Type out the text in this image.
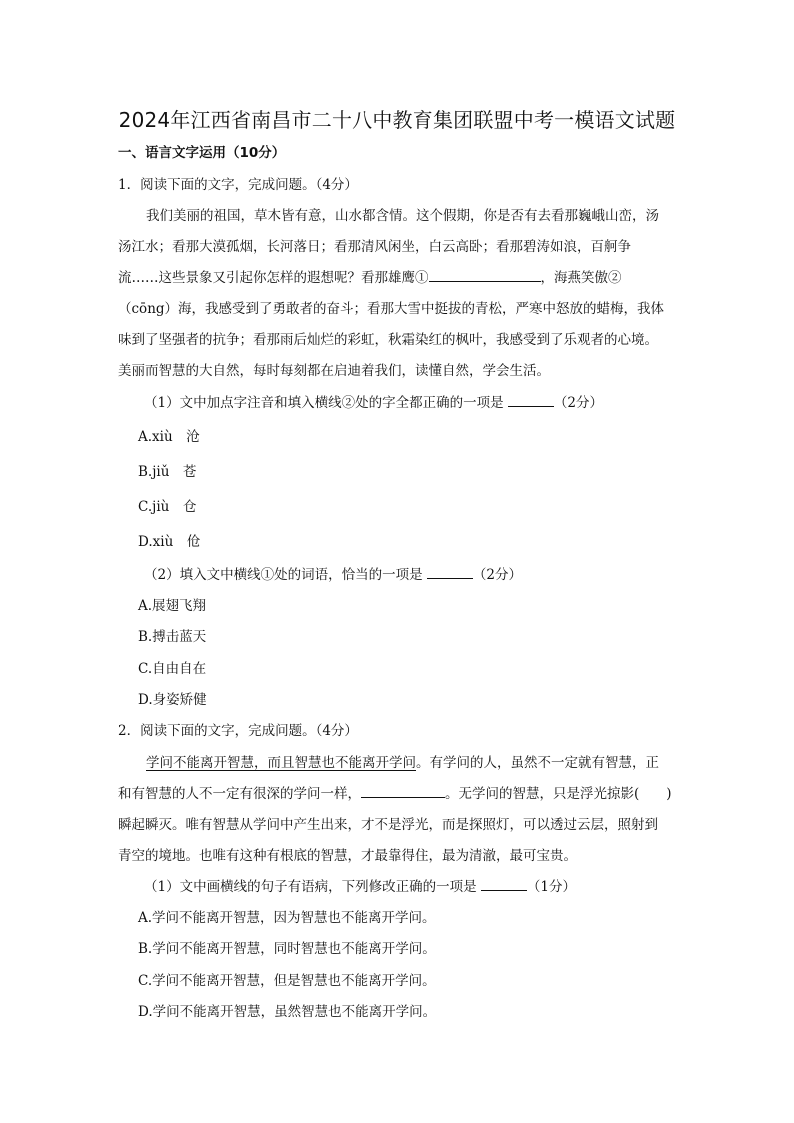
2024年江西省南昌市二十八中教育集团联盟中考一模语文试题
一、语言文字运用（10分）
1．阅读下面的文字，完成问题。（4分）
我们美丽的祖国，草木皆有意，山水都含情。这个假期，你是否有去看那巍峨山峦，汤
汤江水；看那大漠孤烟，长河落日；看那清风闲坐，白云高卧；看那碧涛如浪，百舸争
流……这些景象又引起你怎样的遐想呢？看那雄鹰①	，海燕笑傲②
（cōng）海，我感受到了勇敢者的奋斗；看那大雪中挺拔的青松，严寒中怒放的蜡梅，我体
味到了坚强者的抗争；看那雨后灿烂的彩虹，秋霜染红的枫叶，我感受到了乐观者的心境。
美丽而智慧的大自然，每时每刻都在启迪着我们，读懂自然，学会生活。
（1）文中加点字注音和填入横线②处的字全都正确的一项是	（2分）
A.xiù　沧
B.jiǔ　苍
C.jiù　仓
D.xiù　伧
（2）填入文中横线①处的词语，恰当的一项是	（2分）
A.展翅飞翔
B.搏击蓝天
C.自由自在
D.身姿矫健
2．阅读下面的文字，完成问题。（4分）
学问不能离开智慧，而且智慧也不能离开学问。有学问的人，虽然不一定就有智慧，正
和有智慧的人不一定有很深的学问一样，	。无学问的智慧，只是浮光掠影(　　)
瞬起瞬灭。唯有智慧从学问中产生出来，才不是浮光，而是探照灯，可以透过云层，照射到
青空的境地。也唯有这种有根底的智慧，才最靠得住，最为清澈，最可宝贵。
（1）文中画横线的句子有语病，下列修改正确的一项是	（1分）
A.学问不能离开智慧，因为智慧也不能离开学问。
B.学问不能离开智慧，同时智慧也不能离开学问。
C.学问不能离开智慧，但是智慧也不能离开学问。
D.学问不能离开智慧，虽然智慧也不能离开学问。
